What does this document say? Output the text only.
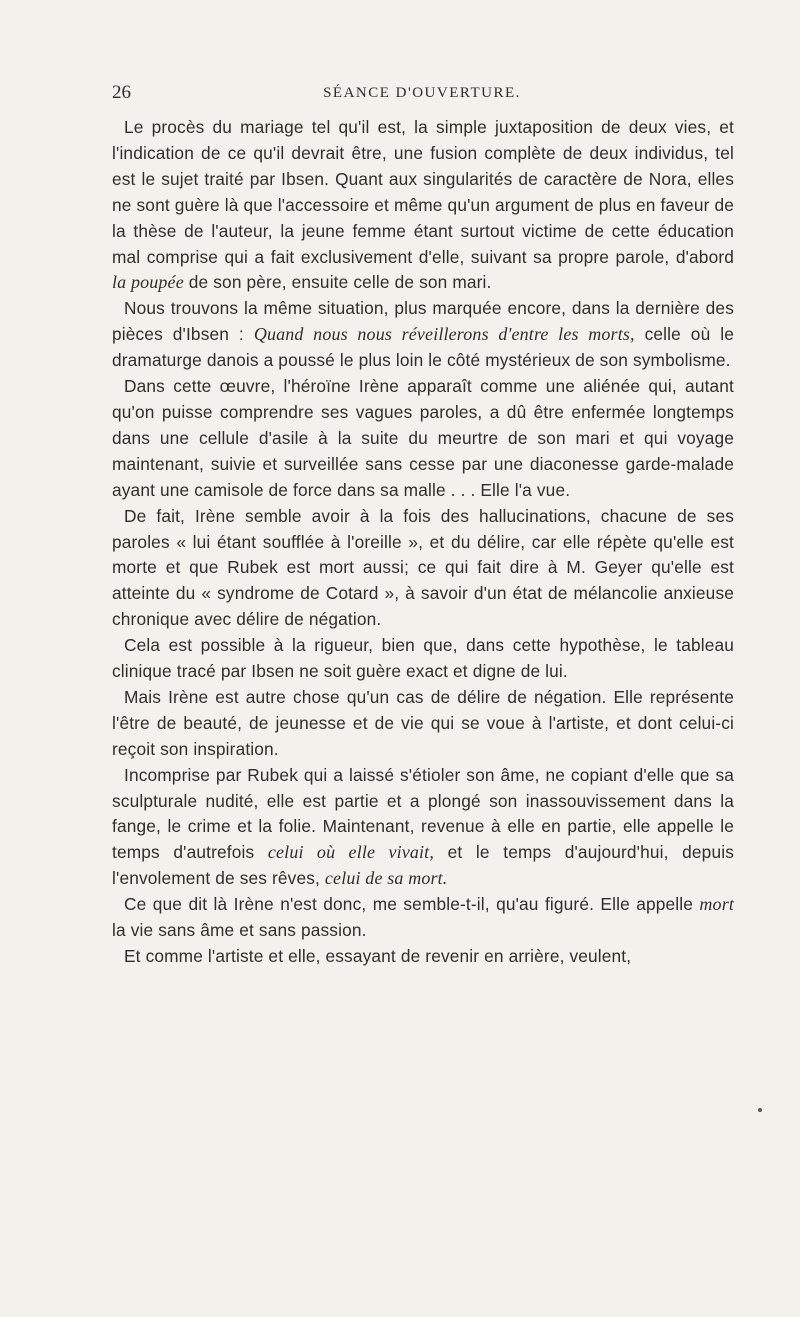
26	SÉANCE D'OUVERTURE.

Le procès du mariage tel qu'il est, la simple juxtaposition de deux vies, et l'indication de ce qu'il devrait être, une fusion complète de deux individus, tel est le sujet traité par Ibsen. Quant aux singularités de caractère de Nora, elles ne sont guère là que l'accessoire et même qu'un argument de plus en faveur de la thèse de l'auteur, la jeune femme étant surtout victime de cette éducation mal comprise qui a fait exclusivement d'elle, suivant sa propre parole, d'abord la poupée de son père, ensuite celle de son mari.

Nous trouvons la même situation, plus marquée encore, dans la dernière des pièces d'Ibsen : Quand nous nous réveillerons d'entre les morts, celle où le dramaturge danois a poussé le plus loin le côté mystérieux de son symbolisme.

Dans cette œuvre, l'héroïne Irène apparaît comme une aliénée qui, autant qu'on puisse comprendre ses vagues paroles, a dû être enfermée longtemps dans une cellule d'asile à la suite du meurtre de son mari et qui voyage maintenant, suivie et surveillée sans cesse par une diaconesse garde-malade ayant une camisole de force dans sa malle . . . Elle l'a vue.

De fait, Irène semble avoir à la fois des hallucinations, chacune de ses paroles « lui étant soufflée à l'oreille », et du délire, car elle répète qu'elle est morte et que Rubek est mort aussi; ce qui fait dire à M. Geyer qu'elle est atteinte du « syndrome de Cotard », à savoir d'un état de mélancolie anxieuse chronique avec délire de négation.

Cela est possible à la rigueur, bien que, dans cette hypothèse, le tableau clinique tracé par Ibsen ne soit guère exact et digne de lui.

Mais Irène est autre chose qu'un cas de délire de négation. Elle représente l'être de beauté, de jeunesse et de vie qui se voue à l'artiste, et dont celui-ci reçoit son inspiration.

Incomprise par Rubek qui a laissé s'étioler son âme, ne copiant d'elle que sa sculpturale nudité, elle est partie et a plongé son inassouvissement dans la fange, le crime et la folie. Maintenant, revenue à elle en partie, elle appelle le temps d'autrefois celui où elle vivait, et le temps d'aujourd'hui, depuis l'envolement de ses rêves, celui de sa mort.

Ce que dit là Irène n'est donc, me semble-t-il, qu'au figuré. Elle appelle mort la vie sans âme et sans passion.

Et comme l'artiste et elle, essayant de revenir en arrière, veulent,
